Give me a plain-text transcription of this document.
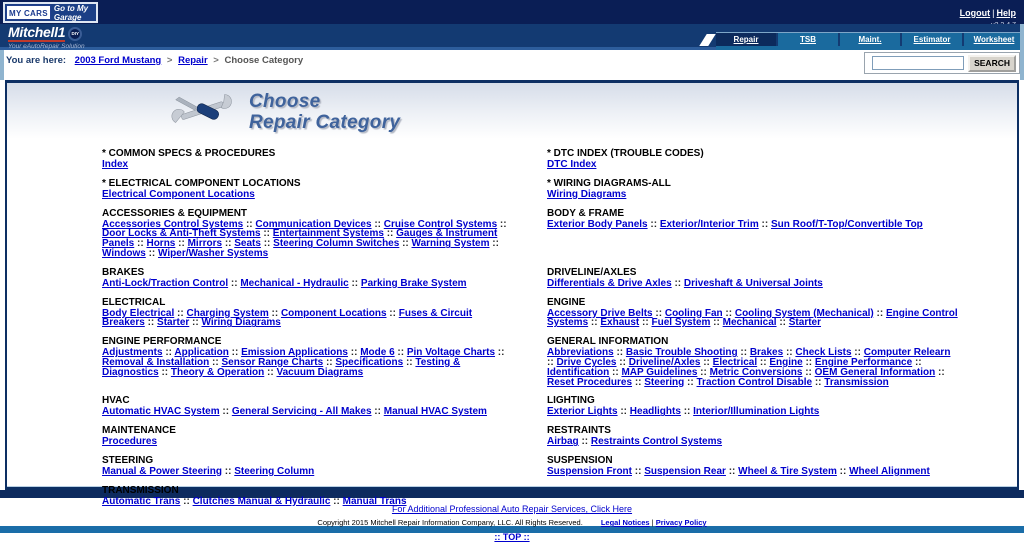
MY CARS
Go to My Garage	Logout | Help
Mitchell1	DIY
Your eAutoRepair Solution
Repair	TSB	Maint.	Estimator	Worksheet
You are here: 2003 Ford Mustang > Repair > Choose Category	SEARCH
Choose
Repair Category
* COMMON SPECS & PROCEDURES
Index

* DTC INDEX (TROUBLE CODES)
DTC Index

* ELECTRICAL COMPONENT LOCATIONS
Electrical Component Locations

* WIRING DIAGRAMS-ALL
Wiring Diagrams

ACCESSORIES & EQUIPMENT
Accessories Control Systems :: Communication Devices :: Cruise Control Systems :: Door Locks & Anti-Theft Systems :: Entertainment Systems :: Gauges & Instrument Panels :: Horns :: Mirrors :: Seats :: Steering Column Switches :: Warning System :: Windows :: Wiper/Washer Systems

BODY & FRAME
Exterior Body Panels :: Exterior/Interior Trim :: Sun Roof/T-Top/Convertible Top

BRAKES
Anti-Lock/Traction Control :: Mechanical - Hydraulic :: Parking Brake System

DRIVELINE/AXLES
Differentials & Drive Axles :: Driveshaft & Universal Joints

ELECTRICAL
Body Electrical :: Charging System :: Component Locations :: Fuses & Circuit Breakers :: Starter :: Wiring Diagrams

ENGINE
Accessory Drive Belts :: Cooling Fan :: Cooling System (Mechanical) :: Engine Control Systems :: Exhaust :: Fuel System :: Mechanical :: Starter

ENGINE PERFORMANCE
Adjustments :: Application :: Emission Applications :: Mode 6 :: Pin Voltage Charts :: Removal & Installation :: Sensor Range Charts :: Specifications :: Testing & Diagnostics :: Theory & Operation :: Vacuum Diagrams

GENERAL INFORMATION
Abbreviations :: Basic Trouble Shooting :: Brakes :: Check Lists :: Computer Relearn :: Drive Cycles :: Driveline/Axles :: Electrical :: Engine :: Engine Performance :: Identification :: MAP Guidelines :: Metric Conversions :: OEM General Information :: Reset Procedures :: Steering :: Traction Control Disable :: Transmission

HVAC
Automatic HVAC System :: General Servicing - All Makes :: Manual HVAC System

LIGHTING
Exterior Lights :: Headlights :: Interior/Illumination Lights

MAINTENANCE
Procedures

RESTRAINTS
Airbag :: Restraints Control Systems

STEERING
Manual & Power Steering :: Steering Column

SUSPENSION
Suspension Front :: Suspension Rear :: Wheel & Tire System :: Wheel Alignment

TRANSMISSION
Automatic Trans :: Clutches Manual & Hydraulic :: Manual Trans	

For Additional Professional Auto Repair Services, Click Here
Copyright 2015 Mitchell Repair Information Company, LLC. All Rights Reserved. Legal Notices | Privacy Policy
:: TOP ::
